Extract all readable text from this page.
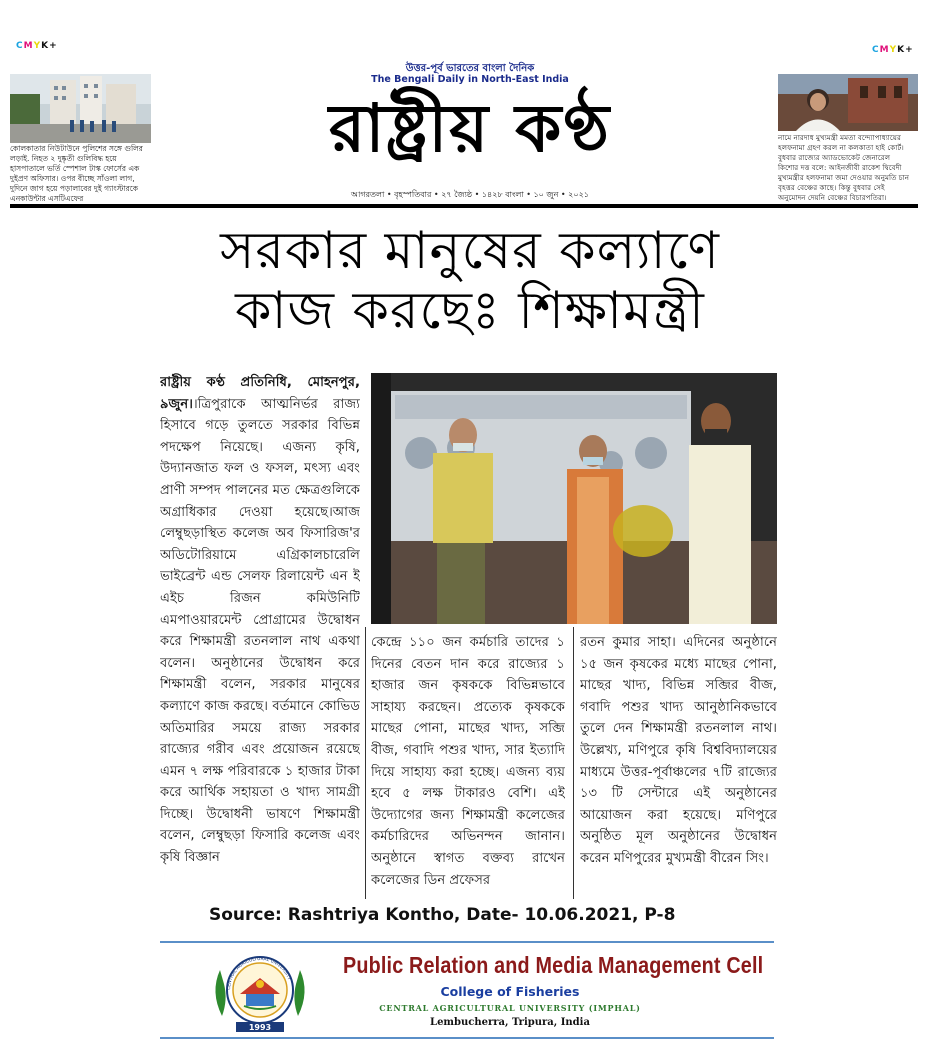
CMYK+	CMYK+
কোলকাতার নিউটাউনে পুলিশের সঙ্গে গুলির
লড়াই. নিহত ২ দুষ্কৃতী গুলিবিদ্ধ হয়ে
হাসপাতালে ভর্তি স্পেশাল টাস্ক ফোর্সের এক
দুইপ্রণ অফিসার। ওপর বীচ্ছে সাঁওলা লাগ,
দুদিনে জাগ হয়ে পড়ালাবের দুই গ্যাংস্টারকে
এনকাউন্টার এসটিএফের
উত্তর-পূর্ব ভারতের বাংলা দৈনিক
The Bengali Daily in North-East India
রাষ্ট্রীয় কণ্ঠ
আগরতলা • বৃহস্পতিবার • ২৭ জ্যৈষ্ঠ • ১৪২৮ বাংলা • ১০ জুন • ২০২১
নামে নারদাধ মুখ্যমন্ত্রী মমতা বন্দ্যোপাধ্যায়ের
হলফনামা গ্রহণ করল না কলকাতা হাই কোর্ট।
বুধবার রাজ্যের অ্যাডভোকেট জেনারেল
কিশোর দত্ত বলে: আইনজীবী রাকেশ দ্বিবেদী
মুখ্যমন্ত্রীর হলফনামা জমা দেওয়ার অনুমতি চান
বৃহত্তর বেঞ্চের কাছে। কিন্তু বুধবার সেই
অনুমোদন দেয়নি বেঞ্চের বিচারপতিরা।
সরকার মানুষের কল্যাণে
কাজ করছেঃ শিক্ষামন্ত্রী
রাষ্ট্রীয় কণ্ঠ প্রতিনিধি, মোহনপুর, ৯জুন।।ত্রিপুরাকে আত্মনির্ভর রাজ্য হিসাবে গড়ে তুলতে সরকার বিভিন্ন পদক্ষেপ নিয়েছে। এজন্য কৃষি, উদ্যানজাত ফল ও ফসল, মৎস্য এবং প্রাণী সম্পদ পালনের মত ক্ষেত্রগুলিকে অগ্রাধিকার দেওয়া হয়েছে।আজ লেম্বুছড়াস্থিত কলেজ অব ফিসারিজ'র অডিটোরিয়ামে এগ্রিকালচারেলি ভাইব্রেন্ট এন্ড সেলফ রিলায়েন্ট এন ই এইচ রিজন কমিউনিটি এমপাওয়ারমেন্ট প্রোগ্রামের উদ্বোধন করে শিক্ষামন্ত্রী রতনলাল নাথ একথা বলেন। অনুষ্ঠানের উদ্বোধন করে শিক্ষামন্ত্রী বলেন, সরকার মানুষের কল্যাণে কাজ করছে। বর্তমানে কোভিড অতিমারির সময়ে রাজ্য সরকার রাজ্যের গরীব এবং প্রয়োজন রয়েছে এমন ৭ লক্ষ পরিবারকে ১ হাজার টাকা করে আর্থিক সহায়তা ও খাদ্য সামগ্রী দিচ্ছে। উদ্বোধনী ভাষণে শিক্ষামন্ত্রী বলেন, লেম্বুছড়া ফিসারি কলেজ এবং কৃষি বিজ্ঞান
কেন্দ্রে ১১০ জন কর্মচারি তাদের ১ দিনের বেতন দান করে রাজ্যের ১ হাজার জন কৃষককে বিভিন্নভাবে সাহায্য করছেন। প্রত্যেক কৃষককে মাছের পোনা, মাছের খাদ্য, সব্জি বীজ, গবাদি পশুর খাদ্য, সার ইত্যাদি দিয়ে সাহায্য করা হচ্ছে। এজন্য ব্যয় হবে ৫ লক্ষ টাকারও বেশি। এই উদ্যোগের জন্য শিক্ষামন্ত্রী কলেজের কর্মচারিদের অভিনন্দন জানান। অনুষ্ঠানে স্বাগত বক্তব্য রাখেন কলেজের ডিন প্রফেসর
রতন কুমার সাহা। এদিনের অনুষ্ঠানে ১৫ জন কৃষকের মধ্যে মাছের পোনা, মাছের খাদ্য, বিভিন্ন সব্জির বীজ, গবাদি পশুর খাদ্য আনুষ্ঠানিকভাবে তুলে দেন শিক্ষামন্ত্রী রতনলাল নাথ। উল্লেখ্য, মণিপুরে কৃষি বিশ্ববিদ্যালয়ের মাধ্যমে উত্তর-পূর্বাঞ্চলের ৭টি রাজ্যের ১৩ টি সেন্টারে এই অনুষ্ঠানের আয়োজন করা হয়েছে। মণিপুরে অনুষ্ঠিত মূল অনুষ্ঠানের উদ্বোধন করেন মণিপুরের মুখ্যমন্ত্রী বীরেন সিং।
Source: Rashtriya Kontho, Date- 10.06.2021, P-8
1993
CENTRAL AGRICULTURAL UNIVERSITY
Public Relation and Media Management Cell
College of Fisheries
CENTRAL AGRICULTURAL UNIVERSITY (IMPHAL)
Lembucherra, Tripura, India
